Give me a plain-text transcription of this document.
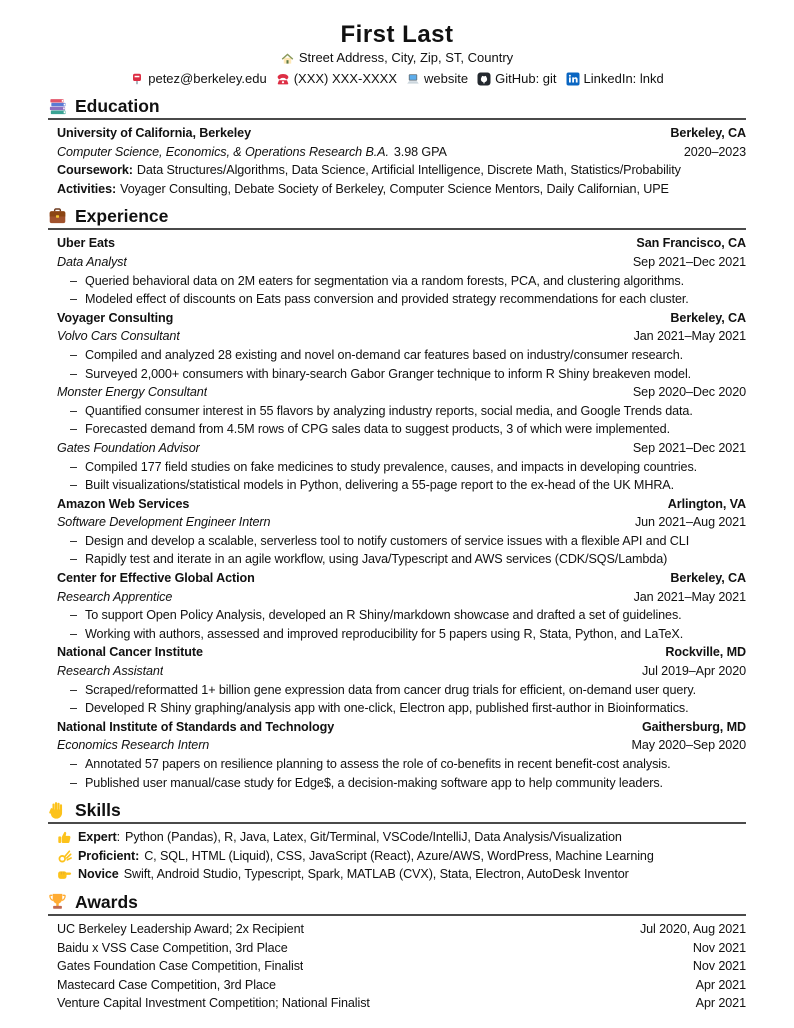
First Last
Street Address, City, Zip, ST, Country
petez@berkeley.edu (XXX) XXX-XXXX website GitHub: git LinkedIn: lnkd
Education
University of California, Berkeley	Berkeley, CA
Computer Science, Economics, & Operations Research B.A. 3.98 GPA	2020–2023
Coursework: Data Structures/Algorithms, Data Science, Artificial Intelligence, Discrete Math, Statistics/Probability
Activities: Voyager Consulting, Debate Society of Berkeley, Computer Science Mentors, Daily Californian, UPE
Experience
Uber Eats	San Francisco, CA
Data Analyst	Sep 2021–Dec 2021
– Queried behavioral data on 2M eaters for segmentation via a random forests, PCA, and clustering algorithms.
– Modeled effect of discounts on Eats pass conversion and provided strategy recommendations for each cluster.
Voyager Consulting	Berkeley, CA
Volvo Cars Consultant	Jan 2021–May 2021
– Compiled and analyzed 28 existing and novel on-demand car features based on industry/consumer research.
– Surveyed 2,000+ consumers with binary-search Gabor Granger technique to inform R Shiny breakeven model.
Monster Energy Consultant	Sep 2020–Dec 2020
– Quantified consumer interest in 55 flavors by analyzing industry reports, social media, and Google Trends data.
– Forecasted demand from 4.5M rows of CPG sales data to suggest products, 3 of which were implemented.
Gates Foundation Advisor	Sep 2021–Dec 2021
– Compiled 177 field studies on fake medicines to study prevalence, causes, and impacts in developing countries.
– Built visualizations/statistical models in Python, delivering a 55-page report to the ex-head of the UK MHRA.
Amazon Web Services	Arlington, VA
Software Development Engineer Intern	Jun 2021–Aug 2021
– Design and develop a scalable, serverless tool to notify customers of service issues with a flexible API and CLI
– Rapidly test and iterate in an agile workflow, using Java/Typescript and AWS services (CDK/SQS/Lambda)
Center for Effective Global Action	Berkeley, CA
Research Apprentice	Jan 2021–May 2021
– To support Open Policy Analysis, developed an R Shiny/markdown showcase and drafted a set of guidelines.
– Working with authors, assessed and improved reproducibility for 5 papers using R, Stata, Python, and LaTeX.
National Cancer Institute	Rockville, MD
Research Assistant	Jul 2019–Apr 2020
– Scraped/reformatted 1+ billion gene expression data from cancer drug trials for efficient, on-demand user query.
– Developed R Shiny graphing/analysis app with one-click, Electron app, published first-author in Bioinformatics.
National Institute of Standards and Technology	Gaithersburg, MD
Economics Research Intern	May 2020–Sep 2020
– Annotated 57 papers on resilience planning to assess the role of co-benefits in recent benefit-cost analysis.
– Published user manual/case study for Edge$, a decision-making software app to help community leaders.
Skills
Expert : Python (Pandas), R, Java, Latex, Git/Terminal, VSCode/IntelliJ, Data Analysis/Visualization
Proficient: C, SQL, HTML (Liquid), CSS, JavaScript (React), Azure/AWS, WordPress, Machine Learning
Novice Swift, Android Studio, Typescript, Spark, MATLAB (CVX), Stata, Electron, AutoDesk Inventor
Awards
UC Berkeley Leadership Award; 2x Recipient	Jul 2020, Aug 2021
Baidu x VSS Case Competition, 3rd Place	Nov 2021
Gates Foundation Case Competition, Finalist	Nov 2021
Mastecard Case Competition, 3rd Place	Apr 2021
Venture Capital Investment Competition; National Finalist	Apr 2021
